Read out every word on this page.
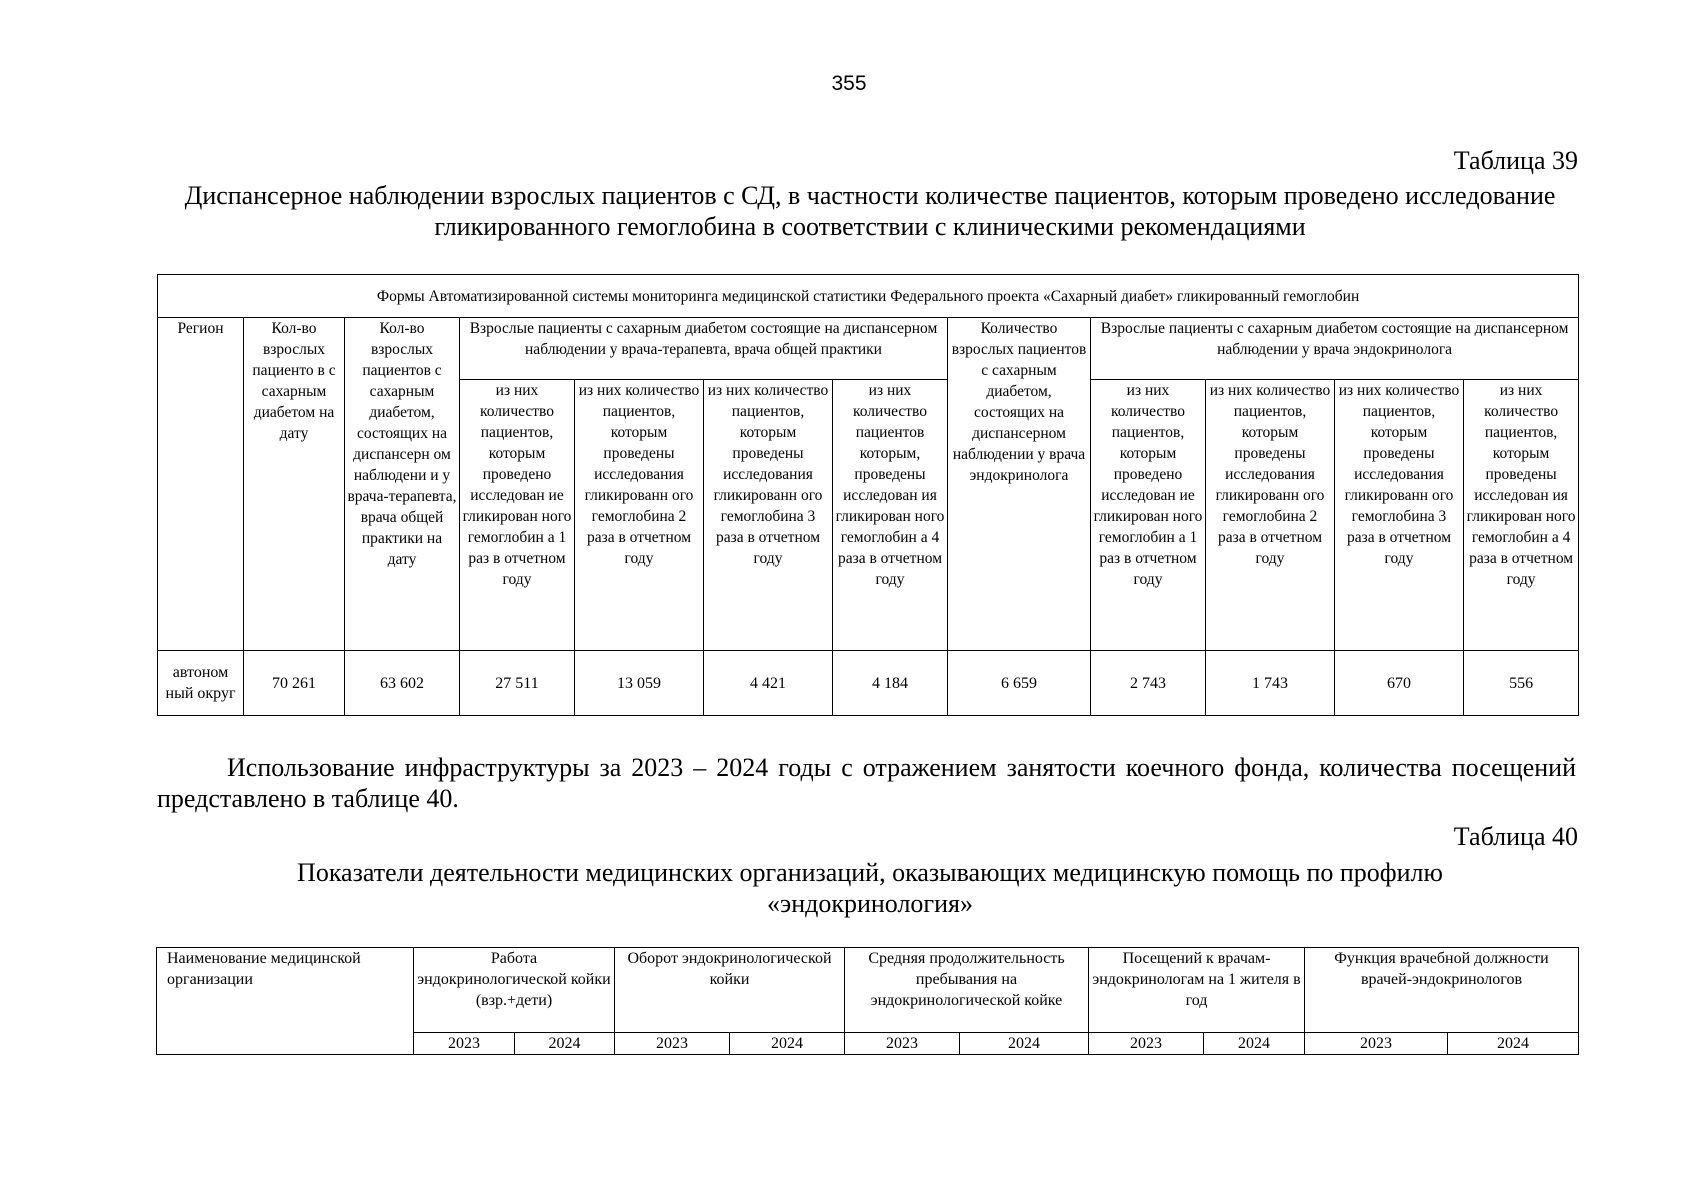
355
Таблица 39
Диспансерное наблюдении взрослых пациентов с СД, в частности количестве пациентов, которым проведено исследование гликированного гемоглобина в соответствии с клиническими рекомендациями
Формы Автоматизированной системы мониторинга медицинской статистики Федерального проекта «Сахарный диабет» гликированный гемоглобин											
Регион	Кол-во взрослых пациенто в с сахарным диабетом на дату	Кол-во взрослых пациентов с сахарным диабетом, состоящих на диспансерн ом наблюдени и у врача-терапевта, врача общей практики на дату	Взрослые пациенты с сахарным диабетом состоящие на диспансерном наблюдении у врача-терапевта, врача общей практики				Количество взрослых пациентов с сахарным диабетом, состоящих на диспансерном наблюдении у врача эндокринолога	Взрослые пациенты с сахарным диабетом состоящие на диспансерном наблюдении у врача эндокринолога			
			из них количество пациентов, которым проведено исследован ие гликирован ного гемоглобин а 1 раз в отчетном году	из них количество пациентов, которым проведены исследования гликированн ого гемоглобина 2 раза в отчетном году	из них количество пациентов, которым проведены исследования гликированн ого гемоглобина 3 раза в отчетном году	из них количество пациентов которым, проведены исследован ия гликирован ного гемоглобин а 4 раза в отчетном году		из них количество пациентов, которым проведено исследован ие гликирован ного гемоглобин а 1 раз в отчетном году	из них количество пациентов, которым проведены исследования гликированн ого гемоглобина 2 раза в отчетном году	из них количество пациентов, которым проведены исследования гликированн ого гемоглобина 3 раза в отчетном году	из них количество пациентов, которым проведены исследован ия гликирован ного гемоглобин а 4 раза в отчетном году
автоном ный округ	70 261	63 602	27 511	13 059	4 421	4 184	6 659	2 743	1 743	670	556
Использование инфраструктуры за 2023 – 2024 годы с отражением занятости коечного фонда, количества посещений представлено в таблице 40.
Таблица 40
Показатели деятельности медицинских организаций, оказывающих медицинскую помощь по профилю «эндокринология»
Наименование медицинской организации	Работа эндокринологической койки (взр.+дети)		Оборот эндокринологической койки		Средняя продолжительность пребывания на эндокринологической койке		Посещений к врачам-эндокринологам на 1 жителя в год		Функция врачебной должности врачей-эндокринологов	
	2023	2024	2023	2024	2023	2024	2023	2024	2023	2024
